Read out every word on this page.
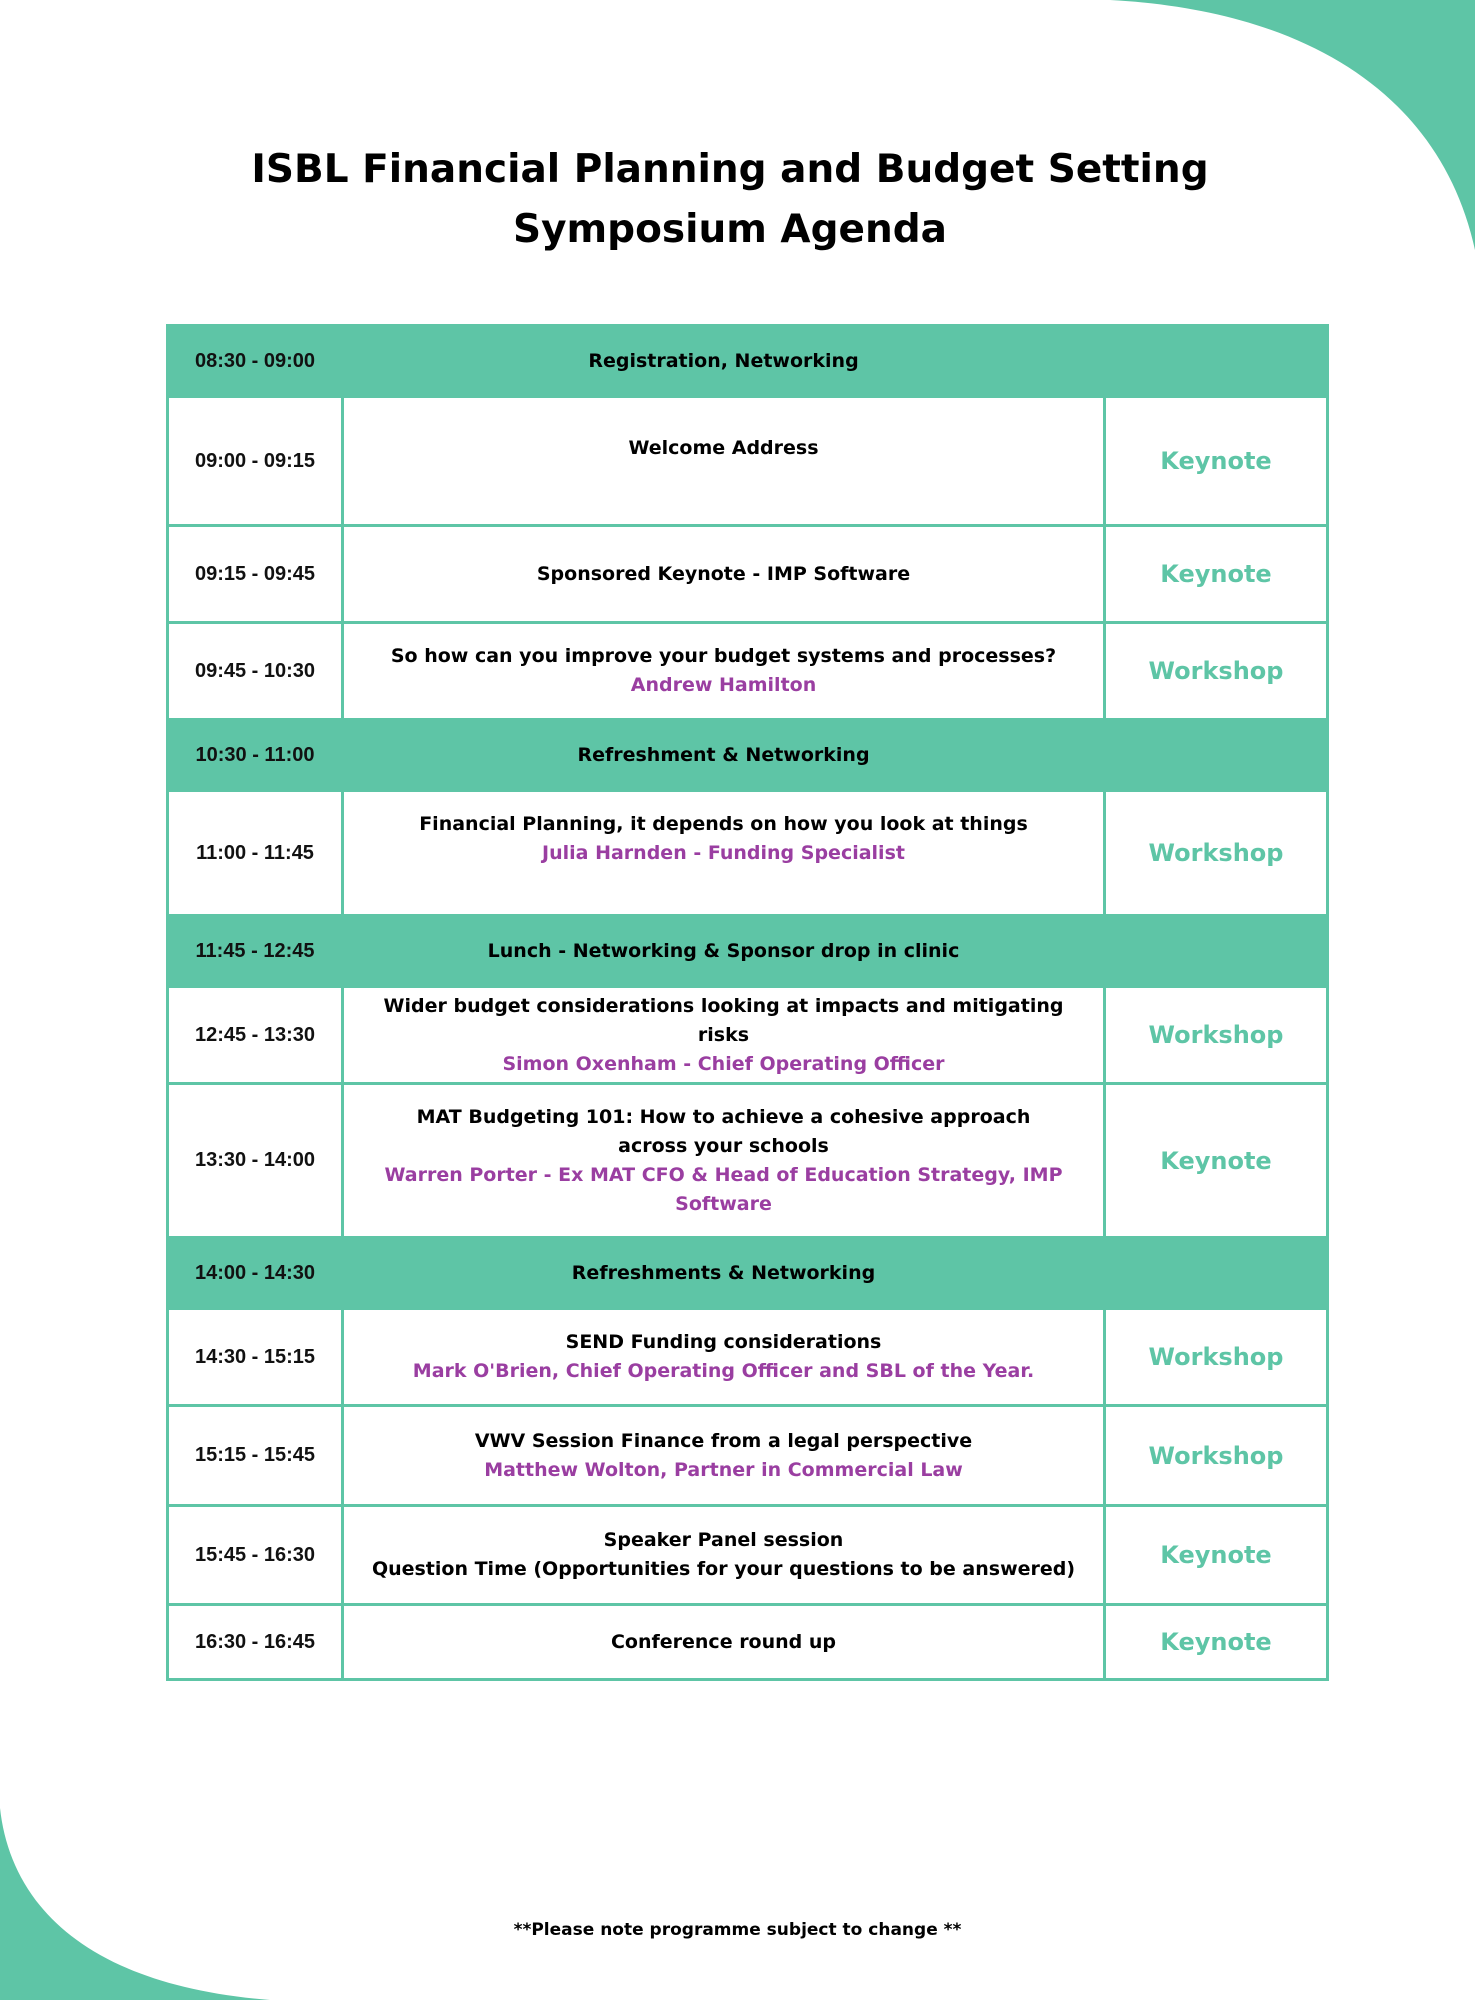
ISBL Financial Planning and Budget Setting
Symposium Agenda
08:30 - 09:00	Registration, Networking	

09:00 - 09:15	Welcome Address	Keynote
09:15 - 09:45	Sponsored Keynote - IMP Software	Keynote
09:45 - 10:30	So how can you improve your budget systems and processes?
Andrew Hamilton	Workshop
10:30 - 11:00	Refreshment & Networking	

11:00 - 11:45	Financial Planning, it depends on how you look at things
Julia Harnden - Funding Specialist	Workshop
11:45 - 12:45	Lunch - Networking & Sponsor drop in clinic	

12:45 - 13:30	Wider budget considerations looking at impacts and mitigating risks
Simon Oxenham - Chief Operating Officer	Workshop
13:30 - 14:00	MAT Budgeting 101: How to achieve a cohesive approach across your schools
Warren Porter - Ex MAT CFO & Head of Education Strategy, IMP Software	Keynote
14:00 - 14:30	Refreshments & Networking	

14:30 - 15:15	SEND Funding considerations
Mark O'Brien, Chief Operating Officer and SBL of the Year.	Workshop
15:15 - 15:45	VWV Session Finance from a legal perspective
Matthew Wolton, Partner in Commercial Law	Workshop
15:45 - 16:30	Speaker Panel session
Question Time (Opportunities for your questions to be answered)	Keynote
16:30 - 16:45	Conference round up	Keynote
**Please note programme subject to change **
